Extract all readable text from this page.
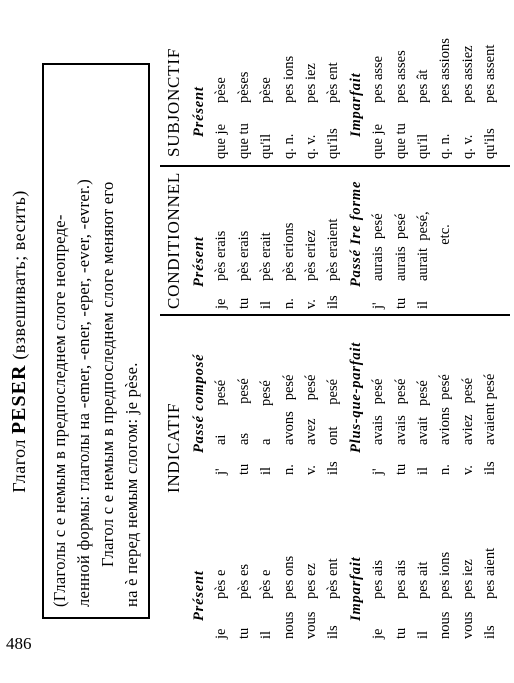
486
Глагол PESER (взвешивать; весить) (Глаголы с е немым в предпоследнем слоге неопреде- ленной формы: глаголы на -emer, -ener, -eper, -ever, -evrer.) Глагол с е немым в предпоследнем слоге меняют его на è перед немым слогом: je pèse. INDICATIF
CONDITIONNEL
SUBJONCTIF
Présent
jepès e
tupès es
ilpès e
nouspes ons
vouspes ez
ilspès ent Imparfait
jepes ais
tupes ais
ilpes ait
nouspes ions
vouspes iez
ilspes aient
Passé composé
j'ai        pesé
tuas        pesé
ila         pesé
n.avons   pesé
v.avez     pesé
ilsont      pesé Plus-que-parfait
j'avais   pesé
tuavais   pesé
ilavait   pesé
n.avions  pesé
v.aviez   pesé
ilsavaient pesé
Présent
jepès erais
tupès erais
ilpès erait
n.pès erions
v.pès eriez
ilspès eraient Passé Ire forme
j'aurais  pesé
tuaurais  pesé
ilaurait  pesé, etc.
Présent
que jepèse
que tupèses
qu'ilpèse
q. n.pes ions
q. v.pes iez
qu'ilspès ent Imparfait
que jepes asse
que tupes asses
qu'ilpes ât
q. n.pes assions
q. v.pes assiez
qu'ilspes assent
